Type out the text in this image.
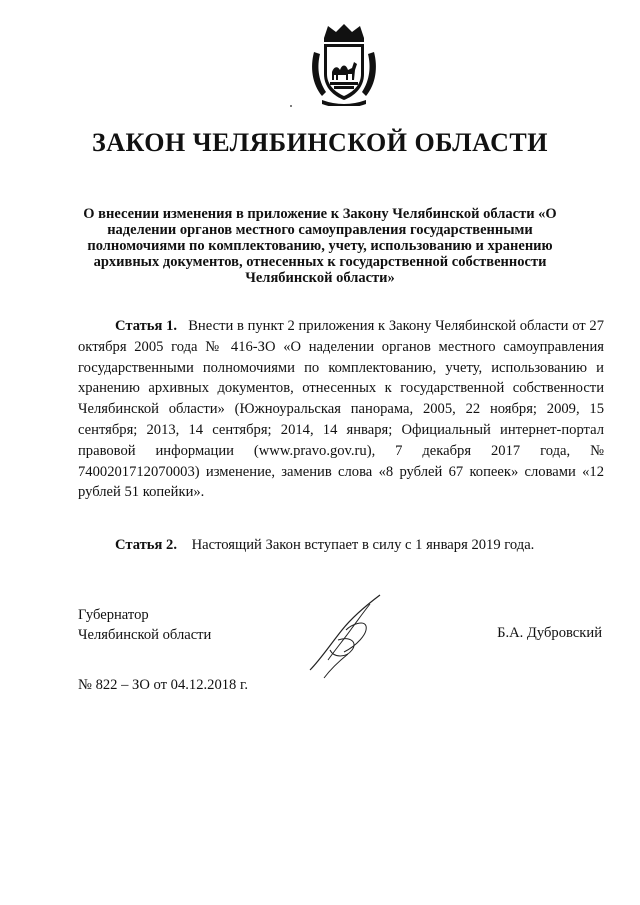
ЗАКОН ЧЕЛЯБИНСКОЙ ОБЛАСТИ
О внесении изменения в приложение к Закону Челябинской области «О наделении органов местного самоуправления государственными полномочиями по комплектованию, учету, использованию и хранению архивных документов, отнесенных к государственной собственности Челябинской области»
Статья 1. Внести в пункт 2 приложения к Закону Челябинской области от 27 октября 2005 года № 416-ЗО «О наделении органов местного самоуправления государственными полномочиями по комплектованию, учету, использованию и хранению архивных документов, отнесенных к государственной собственности Челябинской области» (Южноуральская панорама, 2005, 22 ноября; 2009, 15 сентября; 2013, 14 сентября; 2014, 14 января; Официальный интернет-портал правовой информации (www.pravo.gov.ru), 7 декабря 2017 года, № 7400201712070003) изменение, заменив слова «8 рублей 67 копеек» словами «12 рублей 51 копейки».
Статья 2. Настоящий Закон вступает в силу с 1 января 2019 года.
Губернатор
Челябинской области	Б.А. Дубровский
№ 822 – ЗО от 04.12.2018 г.
